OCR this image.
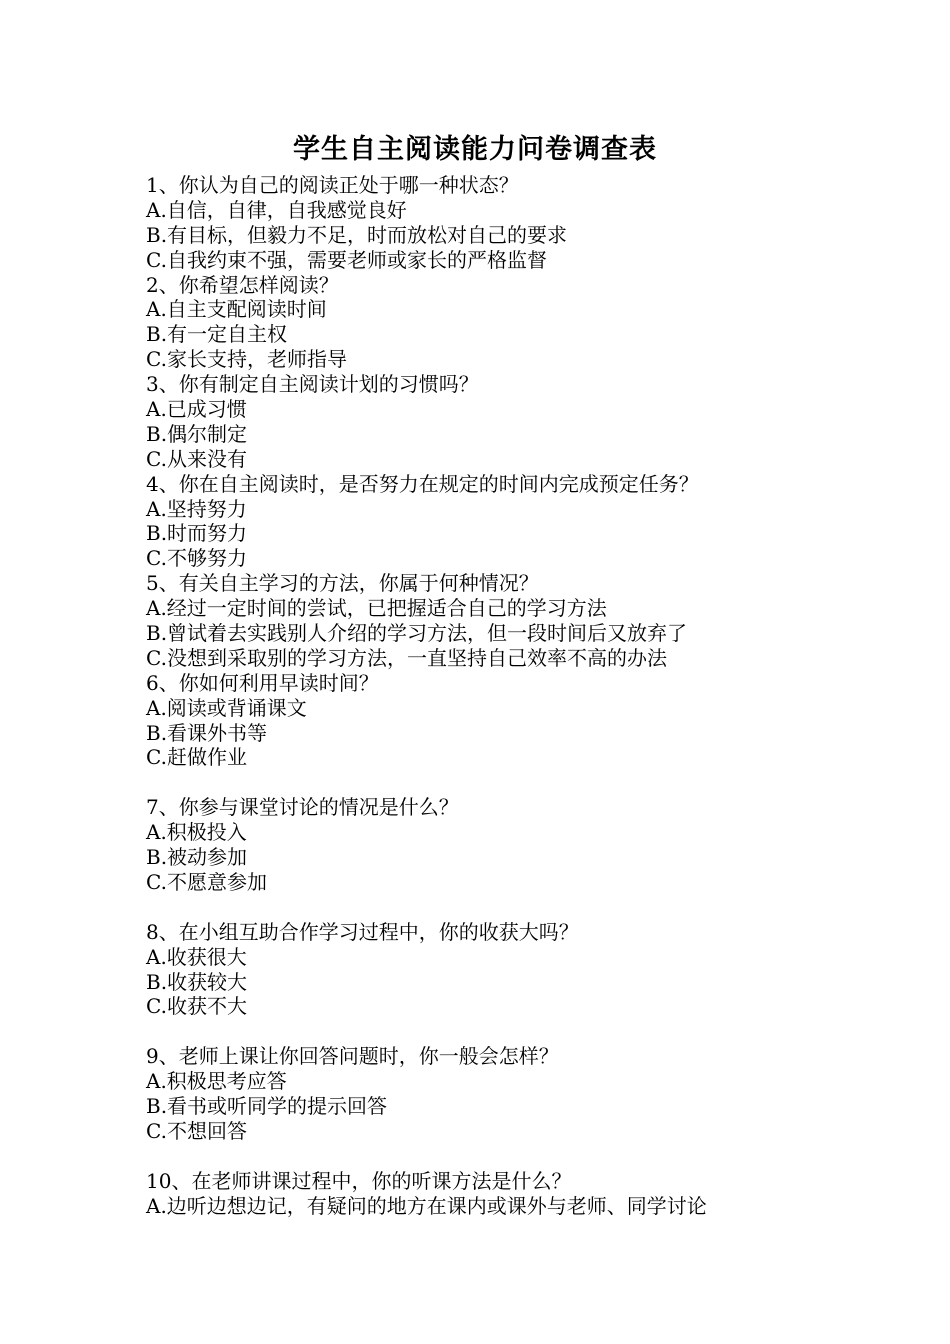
学生自主阅读能力问卷调查表
1、你认为自己的阅读正处于哪一种状态？
A.自信，自律，自我感觉良好
B.有目标，但毅力不足，时而放松对自己的要求
C.自我约束不强，需要老师或家长的严格监督
2、你希望怎样阅读？
A.自主支配阅读时间
B.有一定自主权
C.家长支持，老师指导
3、你有制定自主阅读计划的习惯吗？
A.已成习惯
B.偶尔制定
C.从来没有
4、你在自主阅读时，是否努力在规定的时间内完成预定任务？
A.坚持努力
B.时而努力
C.不够努力
5、有关自主学习的方法，你属于何种情况？
A.经过一定时间的尝试，已把握适合自己的学习方法
B.曾试着去实践别人介绍的学习方法，但一段时间后又放弃了
C.没想到采取别的学习方法，一直坚持自己效率不高的办法
6、你如何利用早读时间？
A.阅读或背诵课文
B.看课外书等
C.赶做作业
7、你参与课堂讨论的情况是什么？
A.积极投入
B.被动参加
C.不愿意参加
8、在小组互助合作学习过程中，你的收获大吗？
A.收获很大
B.收获较大
C.收获不大
9、老师上课让你回答问题时，你一般会怎样？
A.积极思考应答
B.看书或听同学的提示回答
C.不想回答
10、在老师讲课过程中，你的听课方法是什么？
A.边听边想边记，有疑问的地方在课内或课外与老师、同学讨论
